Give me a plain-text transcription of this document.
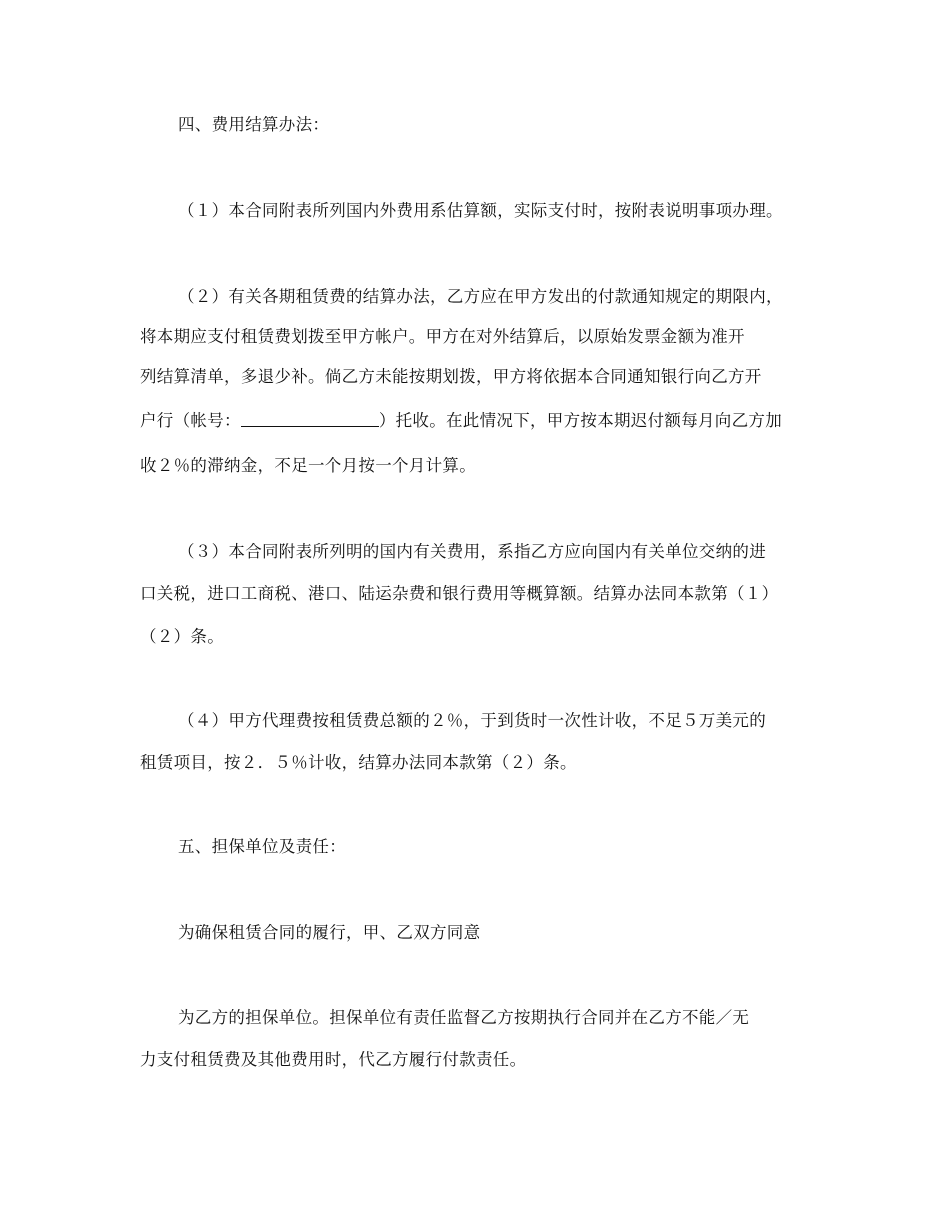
四、费用结算办法：
（１）本合同附表所列国内外费用系估算额，实际支付时，按附表说明事项办理。
（２）有关各期租赁费的结算办法，乙方应在甲方发出的付款通知规定的期限内，
将本期应支付租赁费划拨至甲方帐户。甲方在对外结算后，以原始发票金额为准开
列结算清单，多退少补。倘乙方未能按期划拨，甲方将依据本合同通知银行向乙方开
户行（帐号：	）托收。在此情况下，甲方按本期迟付额每月向乙方加
收２％的滞纳金，不足一个月按一个月计算。
（３）本合同附表所列明的国内有关费用，系指乙方应向国内有关单位交纳的进
口关税，进口工商税、港口、陆运杂费和银行费用等概算额。结算办法同本款第（１）
（２）条。
（４）甲方代理费按租赁费总额的２％，于到货时一次性计收，不足５万美元的
租赁项目，按２．５％计收，结算办法同本款第（２）条。
五、担保单位及责任：
为确保租赁合同的履行，甲、乙双方同意
为乙方的担保单位。担保单位有责任监督乙方按期执行合同并在乙方不能／无
力支付租赁费及其他费用时，代乙方履行付款责任。
